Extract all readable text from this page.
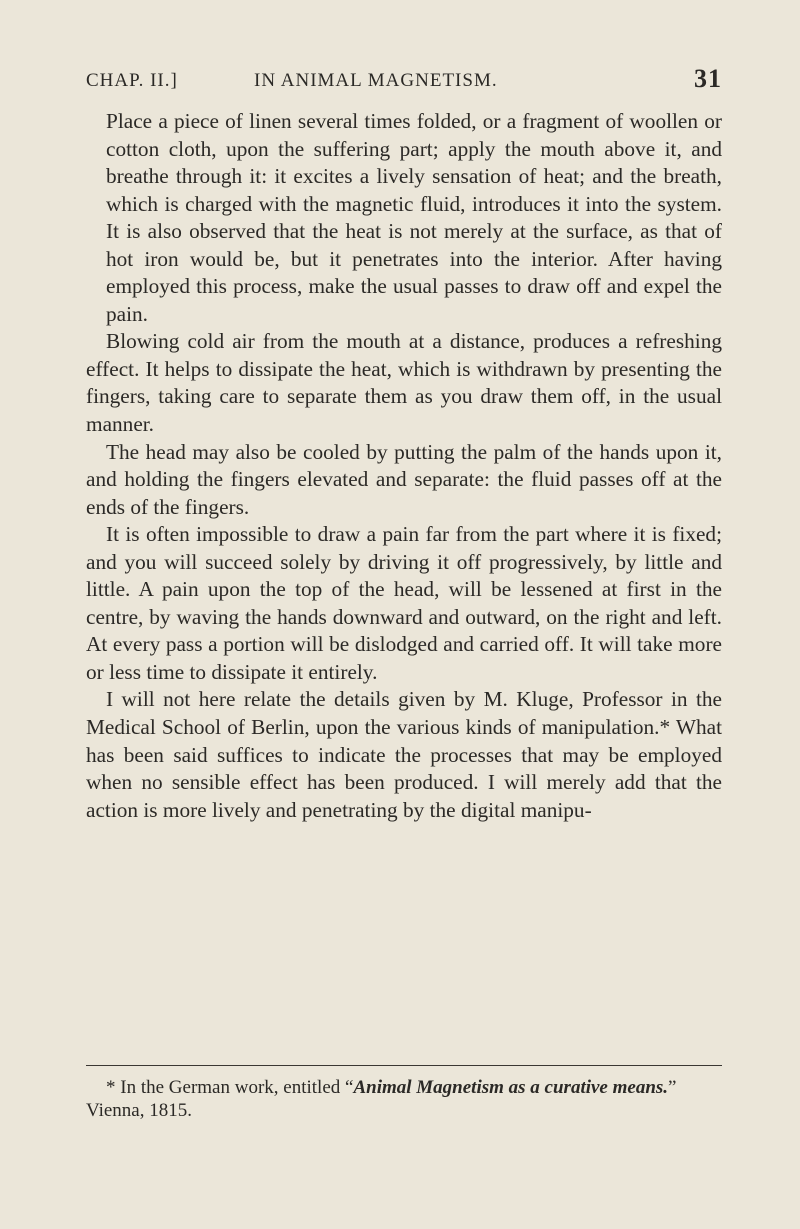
CHAP. II.]	IN ANIMAL MAGNETISM.	31

Place a piece of linen several times folded, or a fragment of woollen or cotton cloth, upon the suffering part; apply the mouth above it, and breathe through it: it excites a lively sensation of heat; and the breath, which is charged with the magnetic fluid, introduces it into the system. It is also observed that the heat is not merely at the surface, as that of hot iron would be, but it penetrates into the interior. After having employed this process, make the usual passes to draw off and expel the pain.

Blowing cold air from the mouth at a distance, produces a refreshing effect. It helps to dissipate the heat, which is withdrawn by presenting the fingers, taking care to separate them as you draw them off, in the usual manner.

The head may also be cooled by putting the palm of the hands upon it, and holding the fingers elevated and separate: the fluid passes off at the ends of the fingers.

It is often impossible to draw a pain far from the part where it is fixed; and you will succeed solely by driving it off progressively, by little and little. A pain upon the top of the head, will be lessened at first in the centre, by waving the hands downward and outward, on the right and left. At every pass a portion will be dislodged and carried off. It will take more or less time to dissipate it entirely.

I will not here relate the details given by M. Kluge, Professor in the Medical School of Berlin, upon the various kinds of manipulation.* What has been said suffices to indicate the processes that may be employed when no sensible effect has been produced. I will merely add that the action is more lively and penetrating by the digital manipu-

* In the German work, entitled “Animal Magnetism as a curative means.” Vienna, 1815.
